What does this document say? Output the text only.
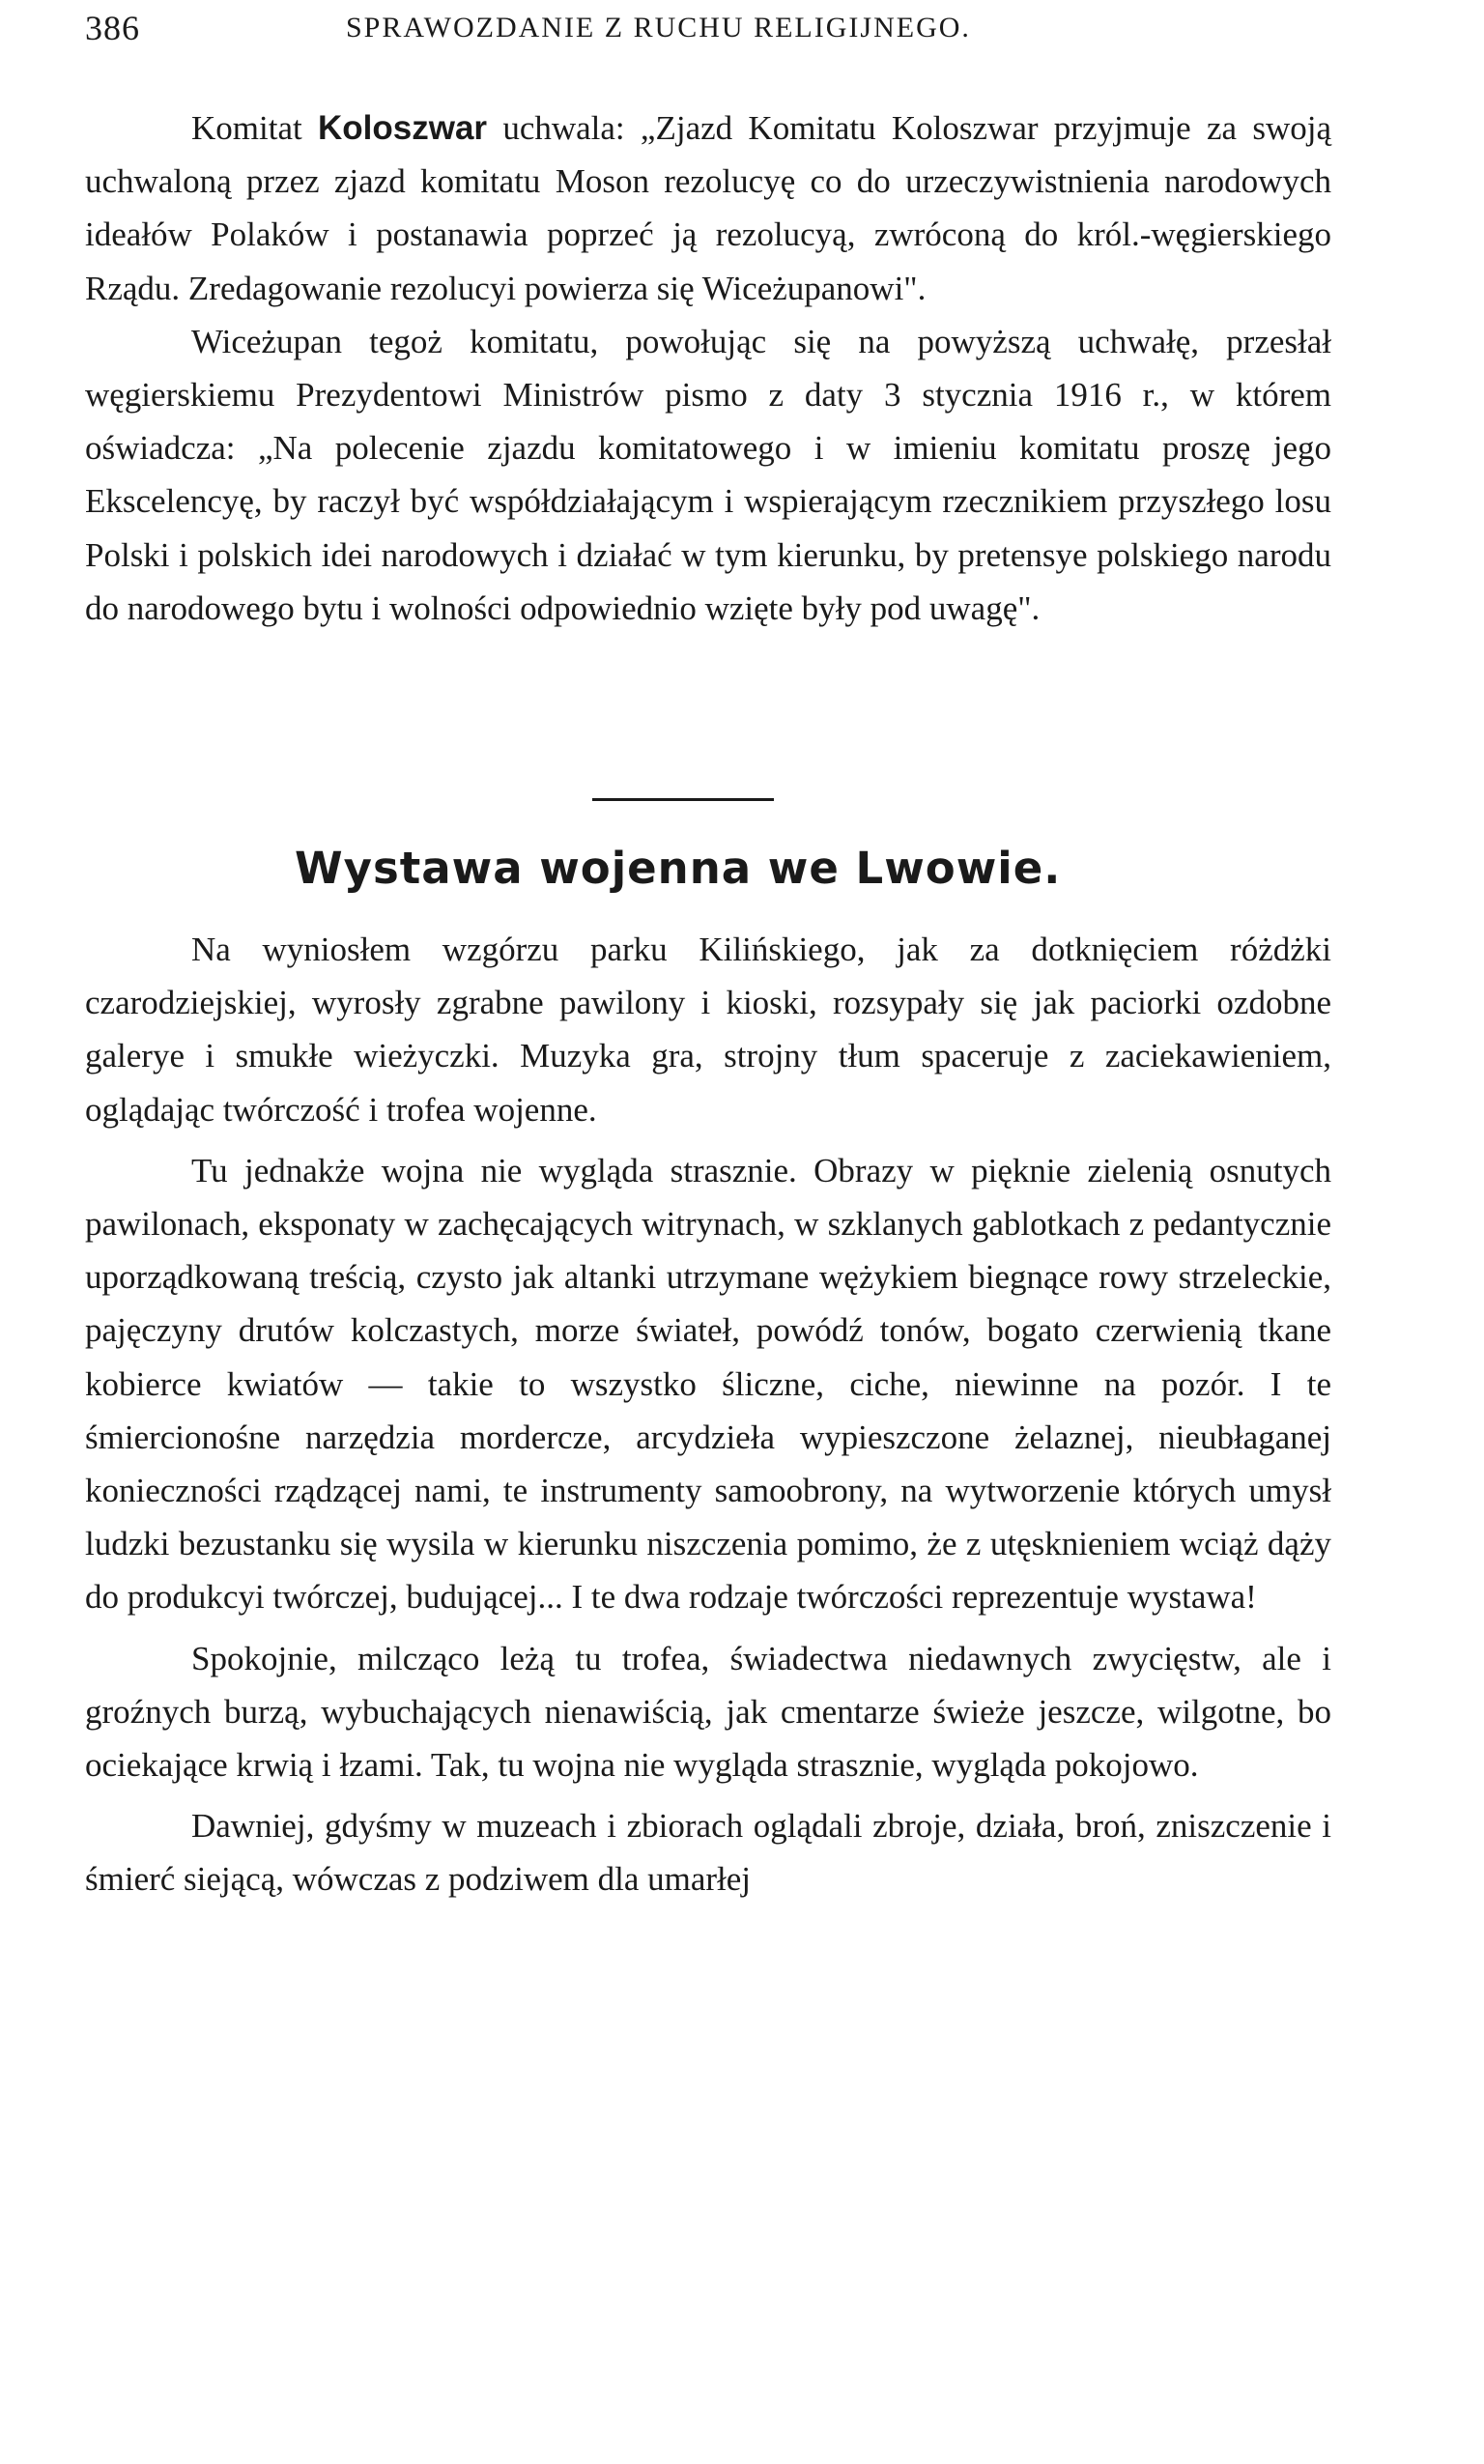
386	SPRAWOZDANIE Z RUCHU RELIGIJNEGO.

Komitat Koloszwar uchwala: „Zjazd Komitatu Koloszwar przyjmuje za swoją uchwaloną przez zjazd komitatu Moson rezolucyę co do urzeczywistnienia narodowych ideałów Polaków i postanawia poprzeć ją rezolucyą, zwróconą do król.-węgierskiego Rządu. Zredagowanie rezolucyi powierza się Wiceżupanowi".

Wiceżupan tegoż komitatu, powołując się na powyższą uchwałę, przesłał węgierskiemu Prezydentowi Ministrów pismo z daty 3 stycznia 1916 r., w którem oświadcza: „Na polecenie zjazdu komitatowego i w imieniu komitatu proszę jego Ekscelencyę, by raczył być współdziałającym i wspierającym rzecznikiem przyszłego losu Polski i polskich idei narodowych i działać w tym kierunku, by pretensye polskiego narodu do narodowego bytu i wolności odpowiednio wzięte były pod uwagę".

Wystawa wojenna we Lwowie.

Na wyniosłem wzgórzu parku Kilińskiego, jak za dotknięciem różdżki czarodziejskiej, wyrosły zgrabne pawilony i kioski, rozsypały się jak paciorki ozdobne galerye i smukłe wieżyczki. Muzyka gra, strojny tłum spaceruje z zaciekawieniem, oglądając twórczość i trofea wojenne.

Tu jednakże wojna nie wygląda strasznie. Obrazy w pięknie zielenią osnutych pawilonach, eksponaty w zachęcających witrynach, w szklanych gablotkach z pedantycznie uporządkowaną treścią, czysto jak altanki utrzymane wężykiem biegnące rowy strzeleckie, pajęczyny drutów kolczastych, morze świateł, powódź tonów, bogato czerwienią tkane kobierce kwiatów — takie to wszystko śliczne, ciche, niewinne na pozór. I te śmiercionośne narzędzia mordercze, arcydzieła wypieszczone żelaznej, nieubłaganej konieczności rządzącej nami, te instrumenty samoobrony, na wytworzenie których umysł ludzki bezustanku się wysila w kierunku niszczenia pomimo, że z utęsknieniem wciąż dąży do produkcyi twórczej, budującej... I te dwa rodzaje twórczości reprezentuje wystawa!

Spokojnie, milcząco leżą tu trofea, świadectwa niedawnych zwycięstw, ale i groźnych burzą, wybuchających nienawiścią, jak cmentarze świeże jeszcze, wilgotne, bo ociekające krwią i łzami. Tak, tu wojna nie wygląda strasznie, wygląda pokojowo.

Dawniej, gdyśmy w muzeach i zbiorach oglądali zbroje, działa, broń, zniszczenie i śmierć siejącą, wówczas z podziwem dla umarłej
